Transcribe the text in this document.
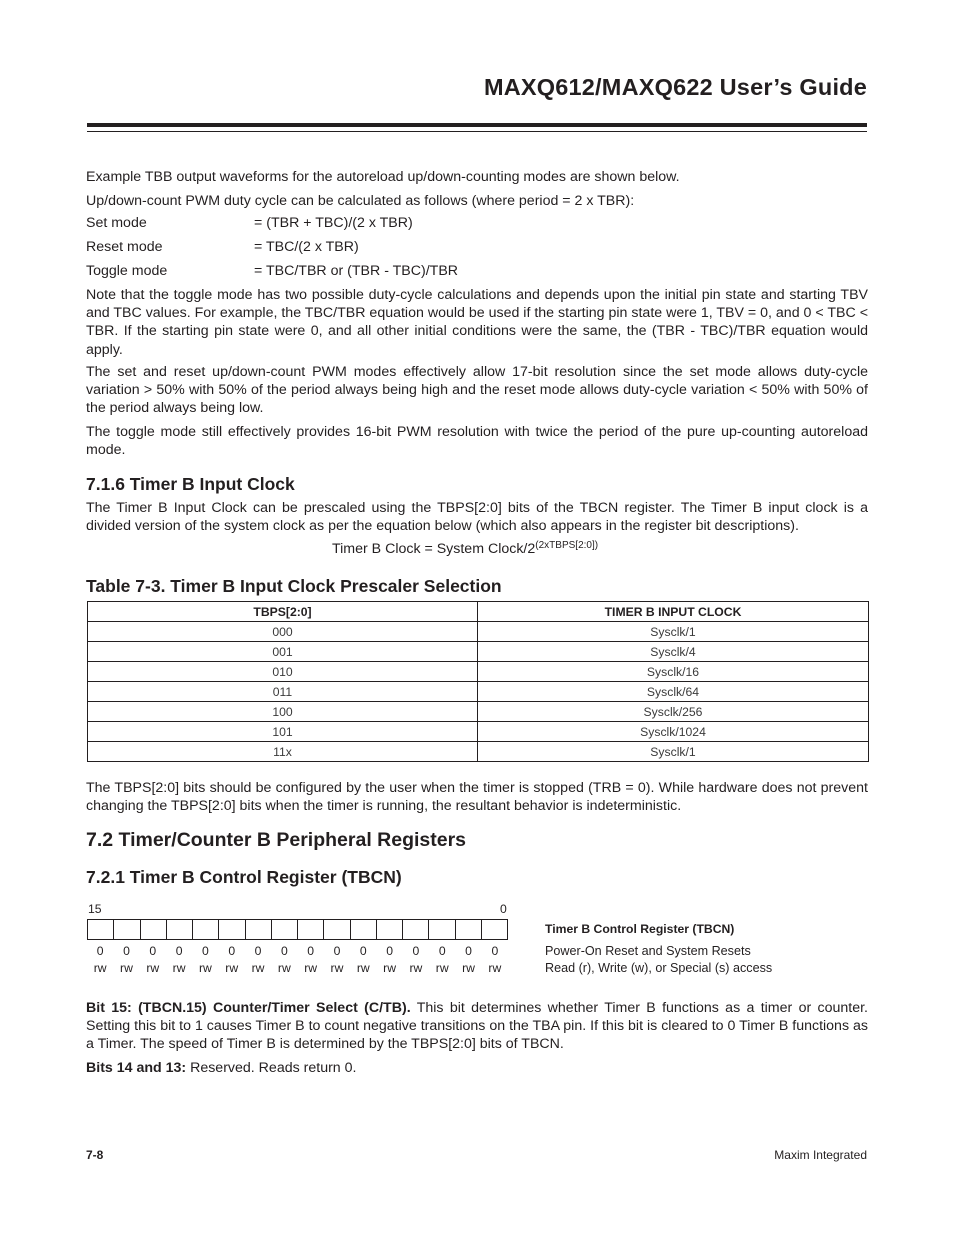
MAXQ612/MAXQ622 User’s Guide

Example TBB output waveforms for the autoreload up/down-counting modes are shown below.

Up/down-count PWM duty cycle can be calculated as follows (where period = 2 x TBR):

Set mode	= (TBR + TBC)/(2 x TBR)

Reset mode	= TBC/(2 x TBR)

Toggle mode	= TBC/TBR or (TBR - TBC)/TBR

Note that the toggle mode has two possible duty-cycle calculations and depends upon the initial pin state and starting TBV and TBC values. For example, the TBC/TBR equation would be used if the starting pin state were 1, TBV = 0, and 0 < TBC < TBR. If the starting pin state were 0, and all other initial conditions were the same, the (TBR - TBC)/TBR equation would apply.

The set and reset up/down-count PWM modes effectively allow 17-bit resolution since the set mode allows duty-cycle variation > 50% with 50% of the period always being high and the reset mode allows duty-cycle variation < 50% with 50% of the period always being low.

The toggle mode still effectively provides 16-bit PWM resolution with twice the period of the pure up-counting autoreload mode.

7.1.6 Timer B Input Clock

The Timer B Input Clock can be prescaled using the TBPS[2:0] bits of the TBCN register. The Timer B input clock is a divided version of the system clock as per the equation below (which also appears in the register bit descriptions).

Timer B Clock = System Clock/$2^{(2xTBPS[2:0])}$

Table 7-3. Timer B Input Clock Prescaler Selection
TBPS[2:0]	TIMER B INPUT CLOCK
000	Sysclk/1
001	Sysclk/4
010	Sysclk/16
011	Sysclk/64
100	Sysclk/256
101	Sysclk/1024
11x	Sysclk/1

The TBPS[2:0] bits should be configured by the user when the timer is stopped (TRB = 0). While hardware does not prevent changing the TBPS[2:0] bits when the timer is running, the resultant behavior is indeterministic.

7.2 Timer/Counter B Peripheral Registers
7.2.1 Timer B Control Register (TBCN)

15	0

0	0	0	0	0	0	0	0	0	0	0	0	0	0	0	0
rw	rw	rw	rw	rw	rw	rw	rw	rw	rw	rw	rw	rw	rw	rw	rw

Timer B Control Register (TBCN)

Power-On Reset and System Resets

Read (r), Write (w), or Special (s) access

Bit 15: (TBCN.15) Counter/Timer Select (C/TB). This bit determines whether Timer B functions as a timer or counter. Setting this bit to 1 causes Timer B to count negative transitions on the TBA pin. If this bit is cleared to 0 Timer B functions as a Timer. The speed of Timer B is determined by the TBPS[2:0] bits of TBCN.

Bits 14 and 13: Reserved. Reads return 0.

7-8	Maxim Integrated
